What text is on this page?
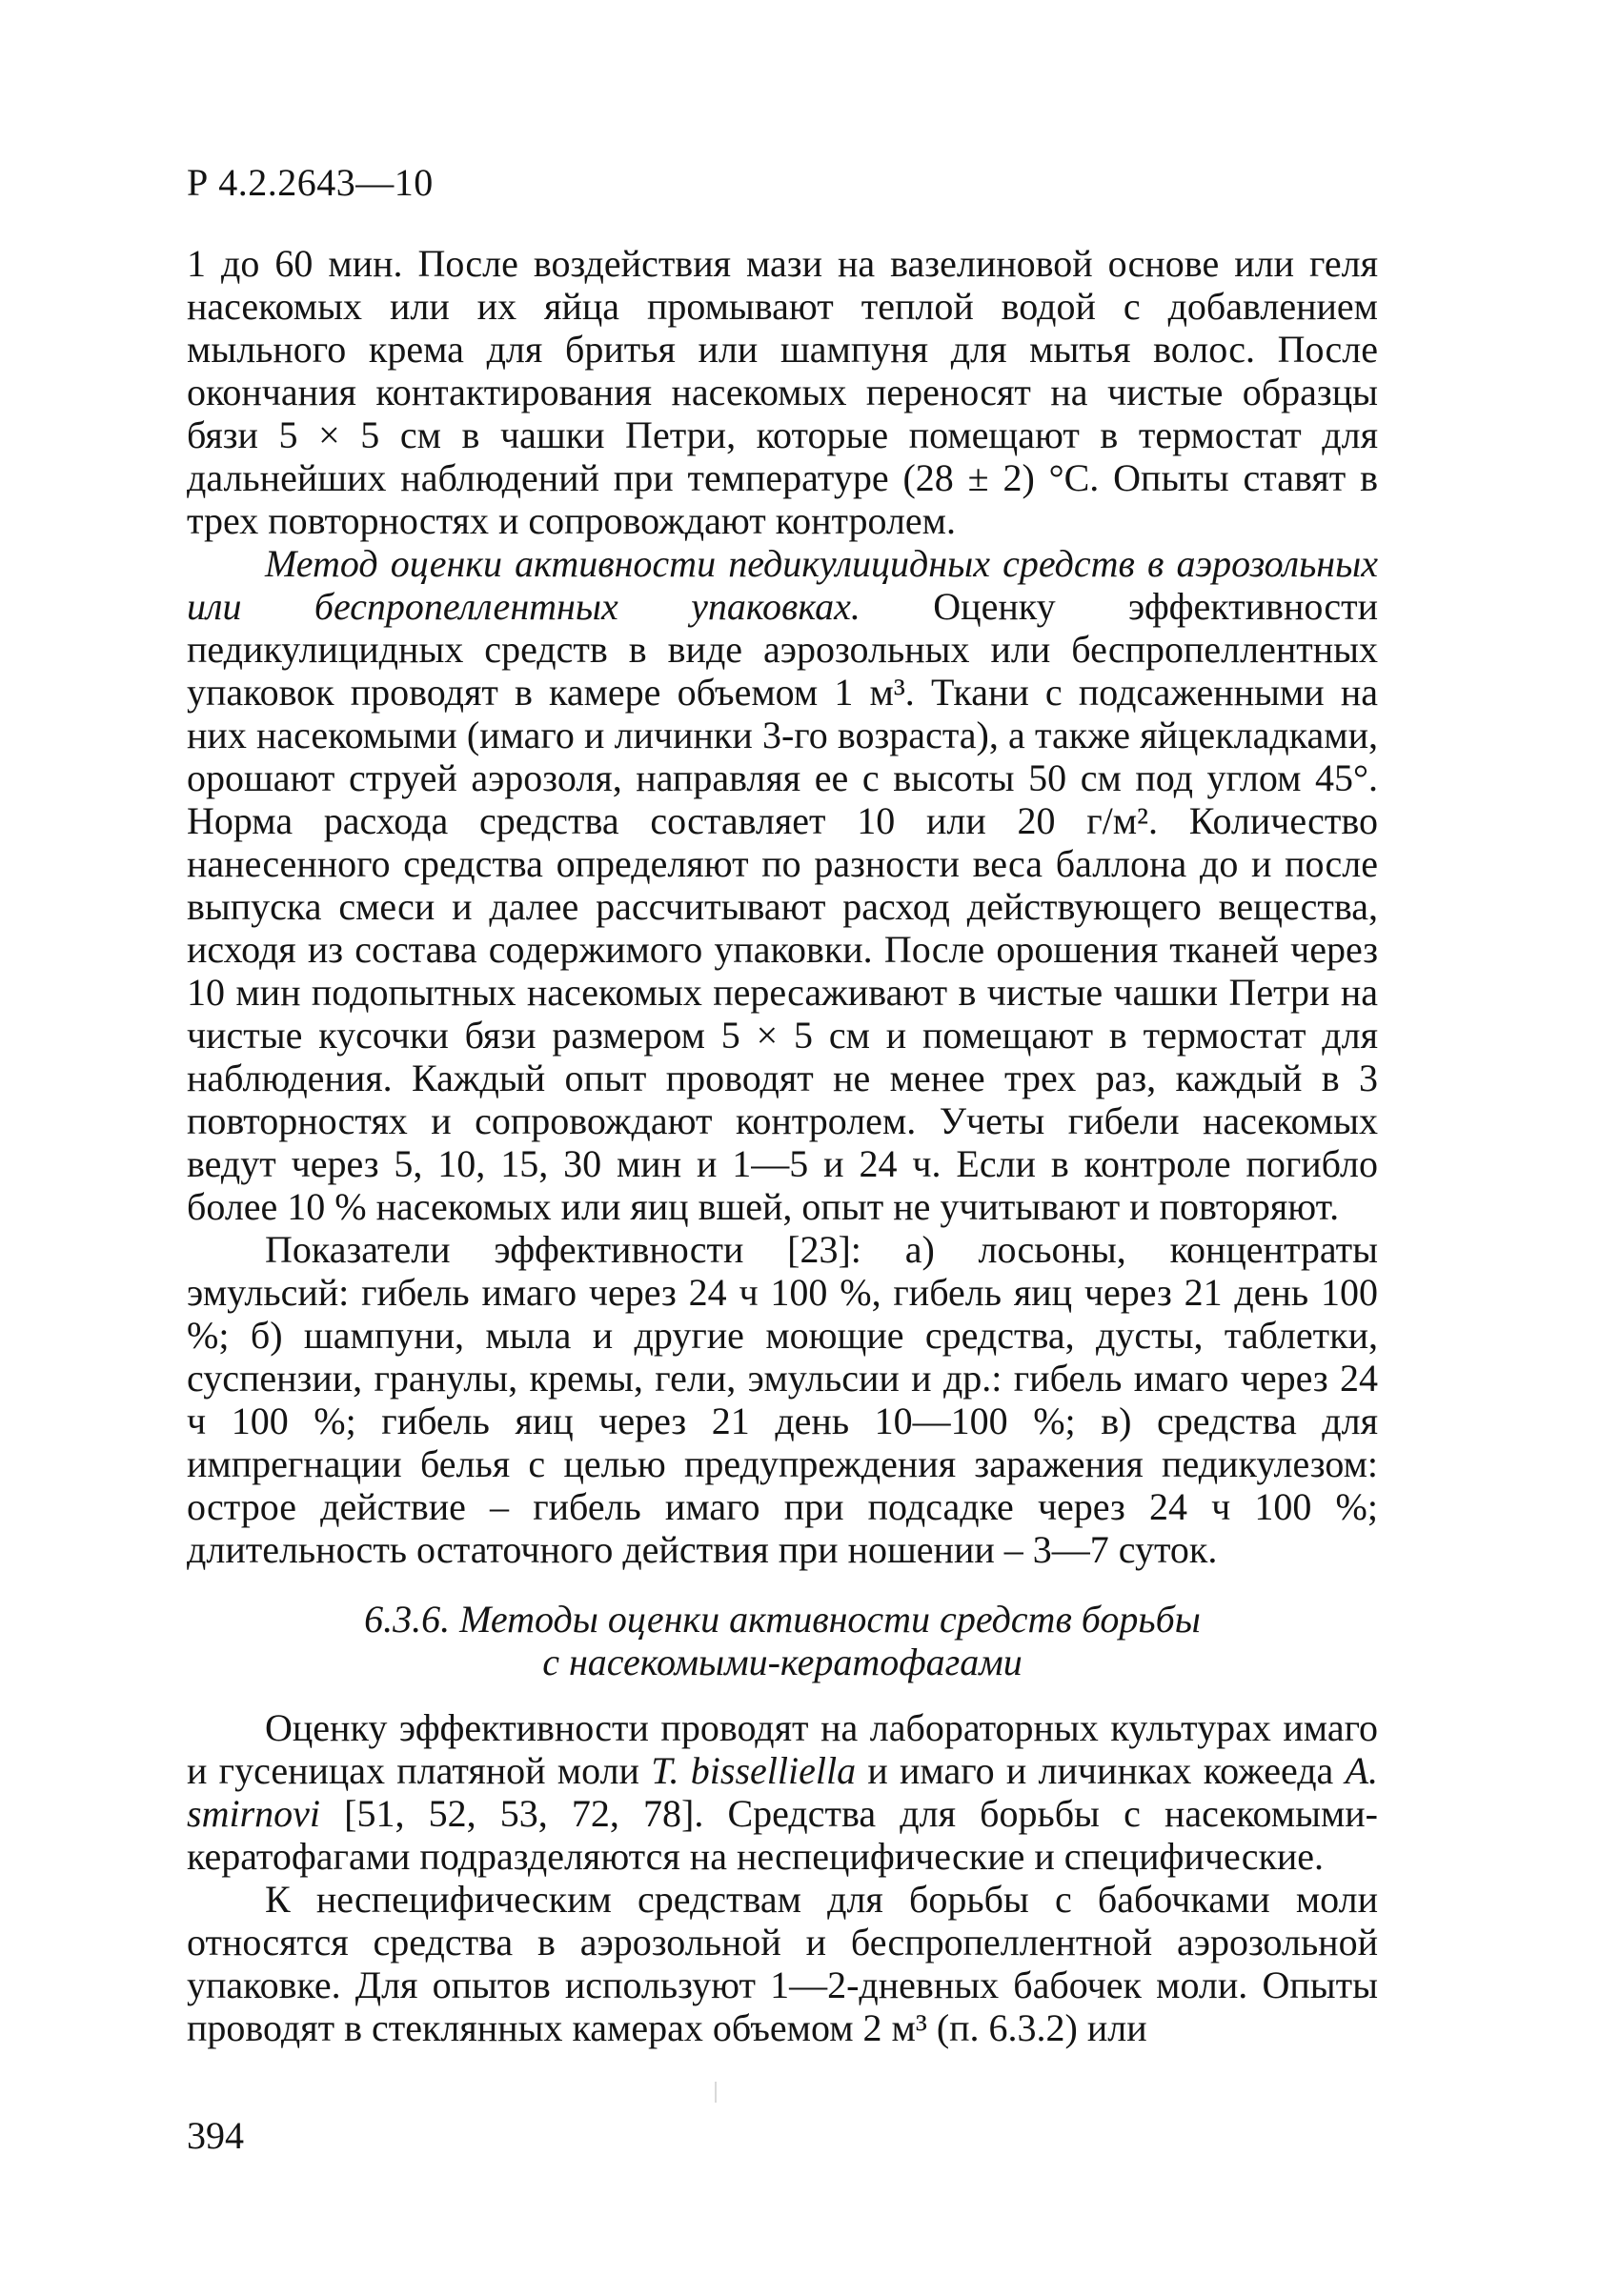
Р 4.2.2643—10

1 до 60 мин. После воздействия мази на вазелиновой основе или геля насекомых или их яйца промывают теплой водой с добавлением мыльного крема для бритья или шампуня для мытья волос. После окончания контактирования насекомых переносят на чистые образцы бязи 5 × 5 см в чашки Петри, которые помещают в термостат для дальнейших наблюдений при температуре (28 ± 2) °С. Опыты ставят в трех повторностях и сопровождают контролем.

Метод оценки активности педикулицидных средств в аэрозольных или беспропеллентных упаковках. Оценку эффективности педикулицидных средств в виде аэрозольных или беспропеллентных упаковок проводят в камере объемом 1 м³. Ткани с подсаженными на них насекомыми (имаго и личинки 3-го возраста), а также яйцекладками, орошают струей аэрозоля, направляя ее с высоты 50 см под углом 45°. Норма расхода средства составляет 10 или 20 г/м². Количество нанесенного средства определяют по разности веса баллона до и после выпуска смеси и далее рассчитывают расход действующего вещества, исходя из состава содержимого упаковки. После орошения тканей через 10 мин подопытных насекомых пересаживают в чистые чашки Петри на чистые кусочки бязи размером 5 × 5 см и помещают в термостат для наблюдения. Каждый опыт проводят не менее трех раз, каждый в 3 повторностях и сопровождают контролем. Учеты гибели насекомых ведут через 5, 10, 15, 30 мин и 1—5 и 24 ч. Если в контроле погибло более 10 % насекомых или яиц вшей, опыт не учитывают и повторяют.

Показатели эффективности [23]: а) лосьоны, концентраты эмульсий: гибель имаго через 24 ч 100 %, гибель яиц через 21 день 100 %; б) шампуни, мыла и другие моющие средства, дусты, таблетки, суспензии, гранулы, кремы, гели, эмульсии и др.: гибель имаго через 24 ч 100 %; гибель яиц через 21 день 10—100 %; в) средства для импрегнации белья с целью предупреждения заражения педикулезом: острое действие – гибель имаго при подсадке через 24 ч 100 %; длительность остаточного действия при ношении – 3—7 суток.

6.3.6. Методы оценки активности средств борьбы
с насекомыми-кератофагами

Оценку эффективности проводят на лабораторных культурах имаго и гусеницах платяной моли T. bisselliella и имаго и личинках кожееда A. smirnovi [51, 52, 53, 72, 78]. Средства для борьбы с насекомыми-кератофагами подразделяются на неспецифические и специфические.

К неспецифическим средствам для борьбы с бабочками моли относятся средства в аэрозольной и беспропеллентной аэрозольной упаковке. Для опытов используют 1—2-дневных бабочек моли. Опыты проводят в стеклянных камерах объемом 2 м³ (п. 6.3.2) или

394
